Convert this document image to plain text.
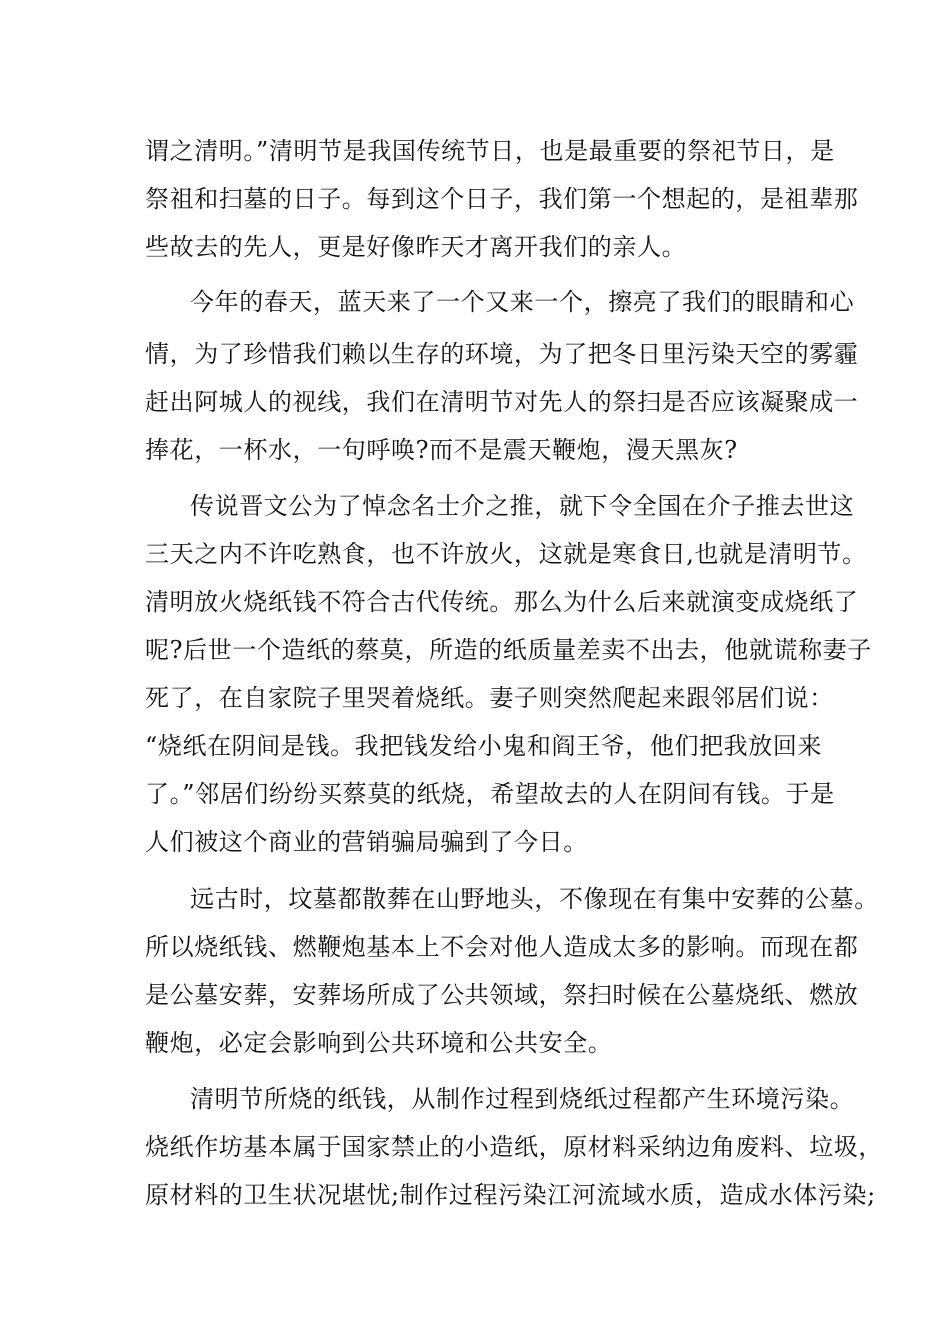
谓之清明。”清明节是我国传统节日，也是最重要的祭祀节日，是
祭祖和扫墓的日子。每到这个日子，我们第一个想起的，是祖辈那
些故去的先人，更是好像昨天才离开我们的亲人。
今年的春天，蓝天来了一个又来一个，擦亮了我们的眼睛和心
情，为了珍惜我们赖以生存的环境，为了把冬日里污染天空的雾霾
赶出阿城人的视线，我们在清明节对先人的祭扫是否应该凝聚成一
捧花，一杯水，一句呼唤?而不是震天鞭炮，漫天黑灰?
传说晋文公为了悼念名士介之推，就下令全国在介子推去世这
三天之内不许吃熟食，也不许放火，这就是寒食日,也就是清明节。
清明放火烧纸钱不符合古代传统。那么为什么后来就演变成烧纸了
呢?后世一个造纸的蔡莫，所造的纸质量差卖不出去，他就谎称妻子
死了，在自家院子里哭着烧纸。妻子则突然爬起来跟邻居们说：
“烧纸在阴间是钱。我把钱发给小鬼和阎王爷，他们把我放回来
了。”邻居们纷纷买蔡莫的纸烧，希望故去的人在阴间有钱。于是
人们被这个商业的营销骗局骗到了今日。
远古时，坟墓都散葬在山野地头，不像现在有集中安葬的公墓。
所以烧纸钱、燃鞭炮基本上不会对他人造成太多的影响。而现在都
是公墓安葬，安葬场所成了公共领域，祭扫时候在公墓烧纸、燃放
鞭炮，必定会影响到公共环境和公共安全。
清明节所烧的纸钱，从制作过程到烧纸过程都产生环境污染。
烧纸作坊基本属于国家禁止的小造纸，原材料采纳边角废料、垃圾，
原材料的卫生状况堪忧;制作过程污染江河流域水质，造成水体污染;
